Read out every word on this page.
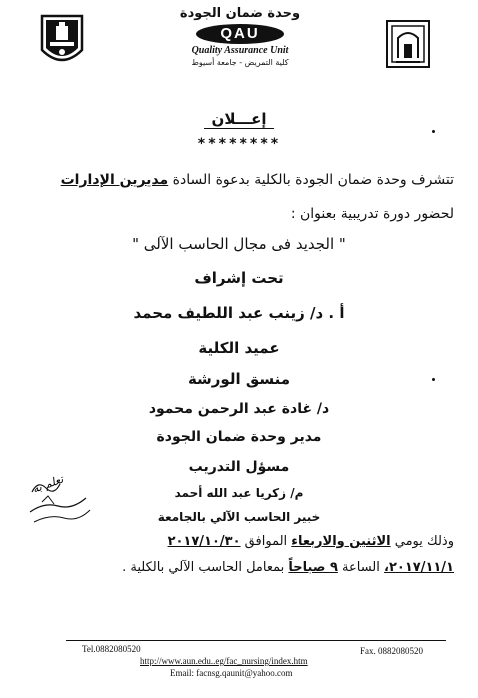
وحدة ضمان الجودة
QAU
Quality Assurance Unit
كلية التمريض - جامعة أسيوط
إعـــلان
********
تتشرف وحدة ضمان الجودة بالكلية بدعوة السادة مديرين الإدارات
لحضور دورة تدريبية بعنوان :
" الجديد فى مجال الحاسب الآلى "
تحت إشراف
أ . د/ زينب عبد اللطيف محمد
عميد الكلية
منسق الورشة
د/ غادة عبد الرحمن محمود
مدير وحدة ضمان الجودة
مسؤل التدريب
م/ زكريا عبد الله أحمد
خبير الحاسب الآلي بالجامعة
تعلم به
وذلك يومي الاثنين والاربعاء الموافق ٢٠١٧/١٠/٣٠
٢٠١٧/١١/١، الساعة ٩ صباحاً بمعامل الحاسب الآلي بالكلية .
Tel.0882080520	Fax. 0882080520
http://www.aun.edu..eg/fac_nursing/index.htm
Email: facnsg.qaunit@yahoo.com
